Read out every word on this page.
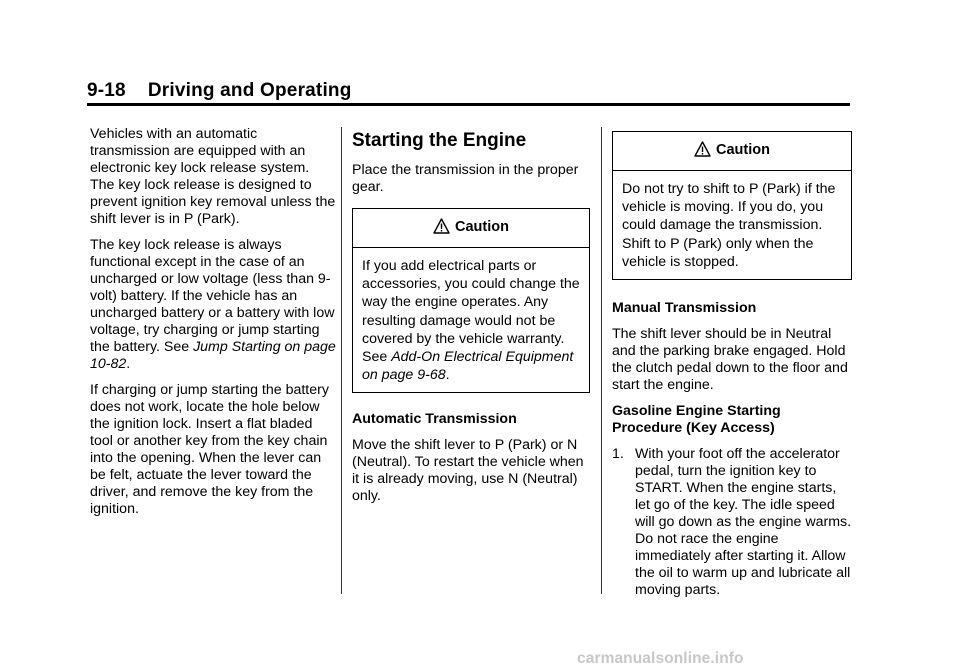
9-18 Driving and Operating

Vehicles with an automatic transmission are equipped with an electronic key lock release system. The key lock release is designed to prevent ignition key removal unless the shift lever is in P (Park).

The key lock release is always functional except in the case of an uncharged or low voltage (less than 9-volt) battery. If the vehicle has an uncharged battery or a battery with low voltage, try charging or jump starting the battery. See Jump Starting on page 10-82.

If charging or jump starting the battery does not work, locate the hole below the ignition lock. Insert a flat bladed tool or another key from the key chain into the opening. When the lever can be felt, actuate the lever toward the driver, and remove the key from the ignition.

Starting the Engine

Place the transmission in the proper gear.

Caution
If you add electrical parts or accessories, you could change the way the engine operates. Any resulting damage would not be covered by the vehicle warranty. See Add-On Electrical Equipment on page 9-68.

Automatic Transmission

Move the shift lever to P (Park) or N (Neutral). To restart the vehicle when it is already moving, use N (Neutral) only.

Caution
Do not try to shift to P (Park) if the vehicle is moving. If you do, you could damage the transmission. Shift to P (Park) only when the vehicle is stopped.

Manual Transmission

The shift lever should be in Neutral and the parking brake engaged. Hold the clutch pedal down to the floor and start the engine.

Gasoline Engine Starting Procedure (Key Access)

1. With your foot off the accelerator pedal, turn the ignition key to START. When the engine starts, let go of the key. The idle speed will go down as the engine warms. Do not race the engine immediately after starting it. Allow the oil to warm up and lubricate all moving parts.
carmanualsonline.info
